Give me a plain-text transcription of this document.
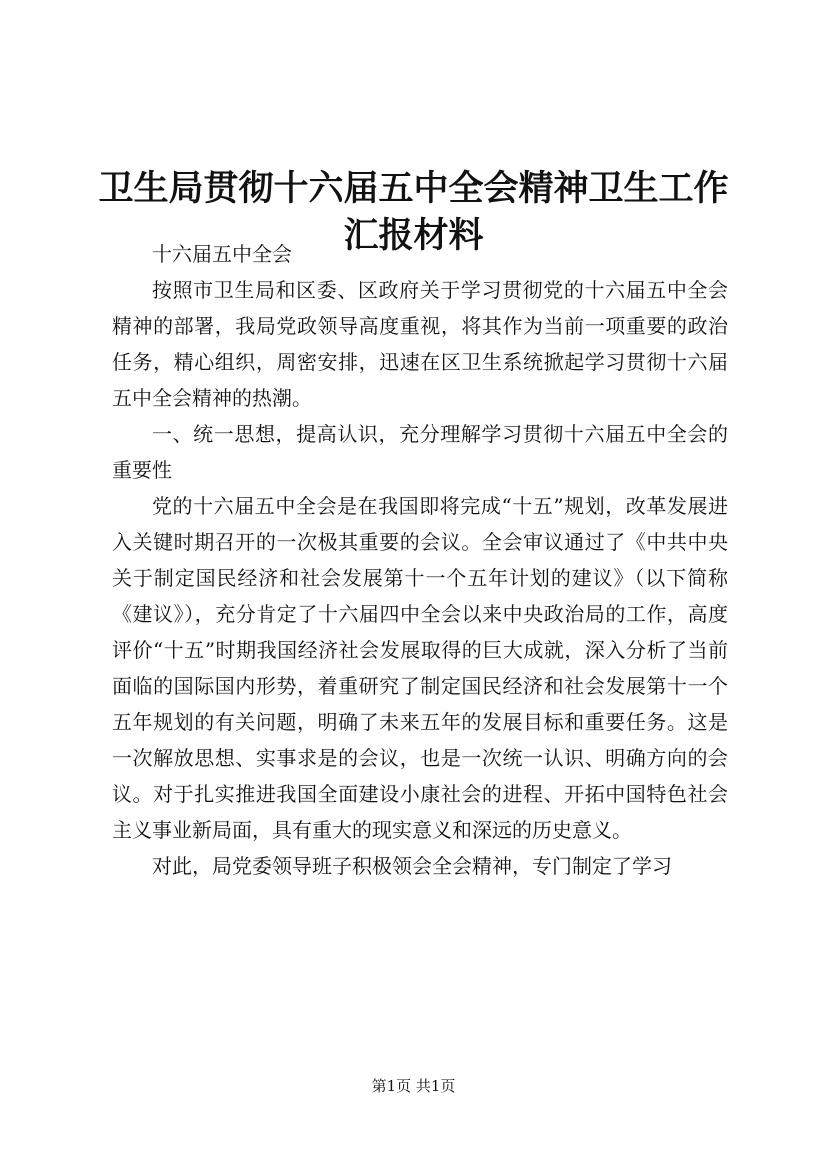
卫生局贯彻十六届五中全会精神卫生工作汇报材料

十六届五中全会

按照市卫生局和区委、区政府关于学习贯彻党的十六届五中全会精神的部署，我局党政领导高度重视，将其作为当前一项重要的政治任务，精心组织，周密安排，迅速在区卫生系统掀起学习贯彻十六届五中全会精神的热潮。

一、统一思想，提高认识，充分理解学习贯彻十六届五中全会的重要性

党的十六届五中全会是在我国即将完成“十五”规划，改革发展进入关键时期召开的一次极其重要的会议。全会审议通过了《中共中央关于制定国民经济和社会发展第十一个五年计划的建议》（以下简称《建议》），充分肯定了十六届四中全会以来中央政治局的工作，高度评价“十五”时期我国经济社会发展取得的巨大成就，深入分析了当前面临的国际国内形势，着重研究了制定国民经济和社会发展第十一个五年规划的有关问题，明确了未来五年的发展目标和重要任务。这是一次解放思想、实事求是的会议，也是一次统一认识、明确方向的会议。对于扎实推进我国全面建设小康社会的进程、开拓中国特色社会主义事业新局面，具有重大的现实意义和深远的历史意义。

对此，局党委领导班子积极领会全会精神，专门制定了学习

第1页 共1页
